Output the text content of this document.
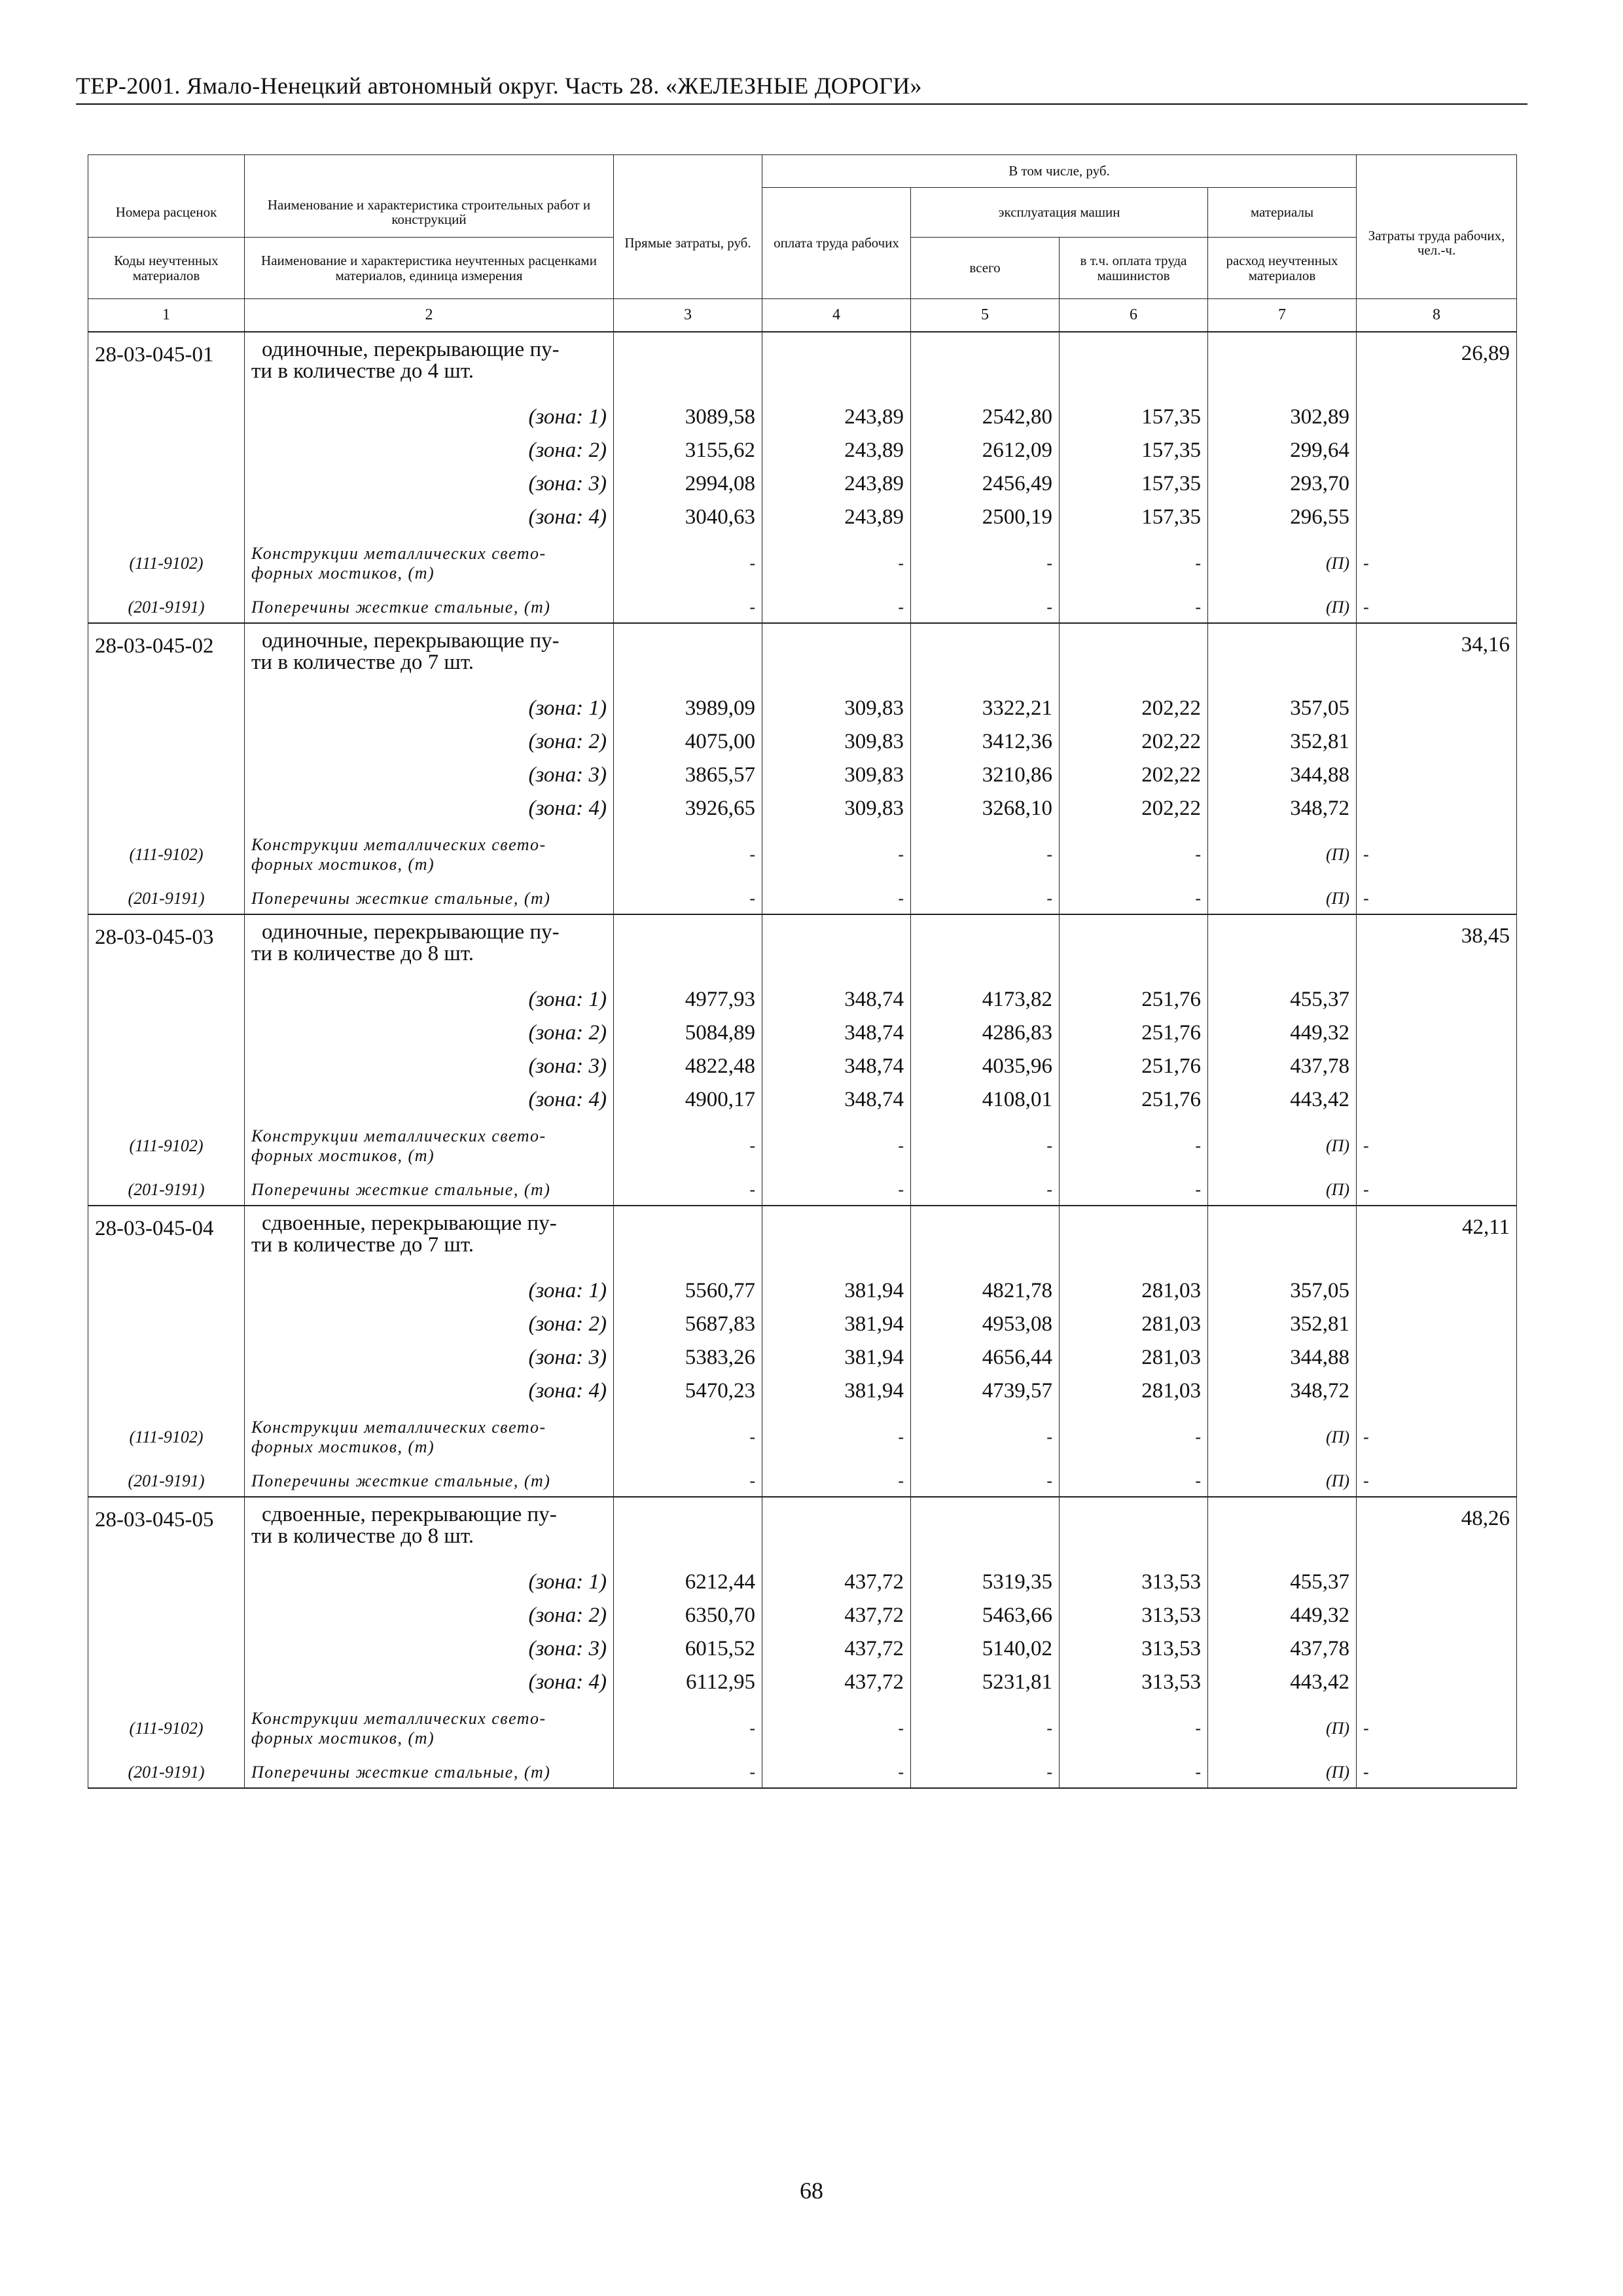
ТЕР-2001. Ямало-Ненецкий автономный округ. Часть 28. «ЖЕЛЕЗНЫЕ ДОРОГИ»
			В том числе, руб.				
Номера расценок	Наименование и характеристика строительных работ и конструкций	Прямые затраты, руб.	оплата труда рабочих	эксплуатация машин		материалы	Затраты труда рабочих, чел.-ч.
Коды неучтенных материалов	Наименование и характеристика неучтенных расценками материалов, единица измерения			всего	в т.ч. оплата труда машинистов	расход неучтенных материалов	
1	2	3	4	5	6	7	8
28-03-045-01	одиночные, перекрывающие пу-
ти в количестве до 4 шт.						26,89
	(зона: 1)	3089,58	243,89	2542,80	157,35	302,89	
	(зона: 2)	3155,62	243,89	2612,09	157,35	299,64	
	(зона: 3)	2994,08	243,89	2456,49	157,35	293,70	
	(зона: 4)	3040,63	243,89	2500,19	157,35	296,55	
(111-9102)	Конструкции металлических свето-
форных мостиков, (т)	-	-	-	-	(П)	-
(201-9191)	Поперечины жесткие стальные, (т)	-	-	-	-	(П)	-
28-03-045-02	одиночные, перекрывающие пу-
ти в количестве до 7 шт.						34,16
	(зона: 1)	3989,09	309,83	3322,21	202,22	357,05	
	(зона: 2)	4075,00	309,83	3412,36	202,22	352,81	
	(зона: 3)	3865,57	309,83	3210,86	202,22	344,88	
	(зона: 4)	3926,65	309,83	3268,10	202,22	348,72	
(111-9102)	Конструкции металлических свето-
форных мостиков, (т)	-	-	-	-	(П)	-
(201-9191)	Поперечины жесткие стальные, (т)	-	-	-	-	(П)	-
28-03-045-03	одиночные, перекрывающие пу-
ти в количестве до 8 шт.						38,45
	(зона: 1)	4977,93	348,74	4173,82	251,76	455,37	
	(зона: 2)	5084,89	348,74	4286,83	251,76	449,32	
	(зона: 3)	4822,48	348,74	4035,96	251,76	437,78	
	(зона: 4)	4900,17	348,74	4108,01	251,76	443,42	
(111-9102)	Конструкции металлических свето-
форных мостиков, (т)	-	-	-	-	(П)	-
(201-9191)	Поперечины жесткие стальные, (т)	-	-	-	-	(П)	-
28-03-045-04	сдвоенные, перекрывающие пу-
ти в количестве до 7 шт.						42,11
	(зона: 1)	5560,77	381,94	4821,78	281,03	357,05	
	(зона: 2)	5687,83	381,94	4953,08	281,03	352,81	
	(зона: 3)	5383,26	381,94	4656,44	281,03	344,88	
	(зона: 4)	5470,23	381,94	4739,57	281,03	348,72	
(111-9102)	Конструкции металлических свето-
форных мостиков, (т)	-	-	-	-	(П)	-
(201-9191)	Поперечины жесткие стальные, (т)	-	-	-	-	(П)	-
28-03-045-05	сдвоенные, перекрывающие пу-
ти в количестве до 8 шт.						48,26
	(зона: 1)	6212,44	437,72	5319,35	313,53	455,37	
	(зона: 2)	6350,70	437,72	5463,66	313,53	449,32	
	(зона: 3)	6015,52	437,72	5140,02	313,53	437,78	
	(зона: 4)	6112,95	437,72	5231,81	313,53	443,42	
(111-9102)	Конструкции металлических свето-
форных мостиков, (т)	-	-	-	-	(П)	-
(201-9191)	Поперечины жесткие стальные, (т)	-	-	-	-	(П)	-
68
